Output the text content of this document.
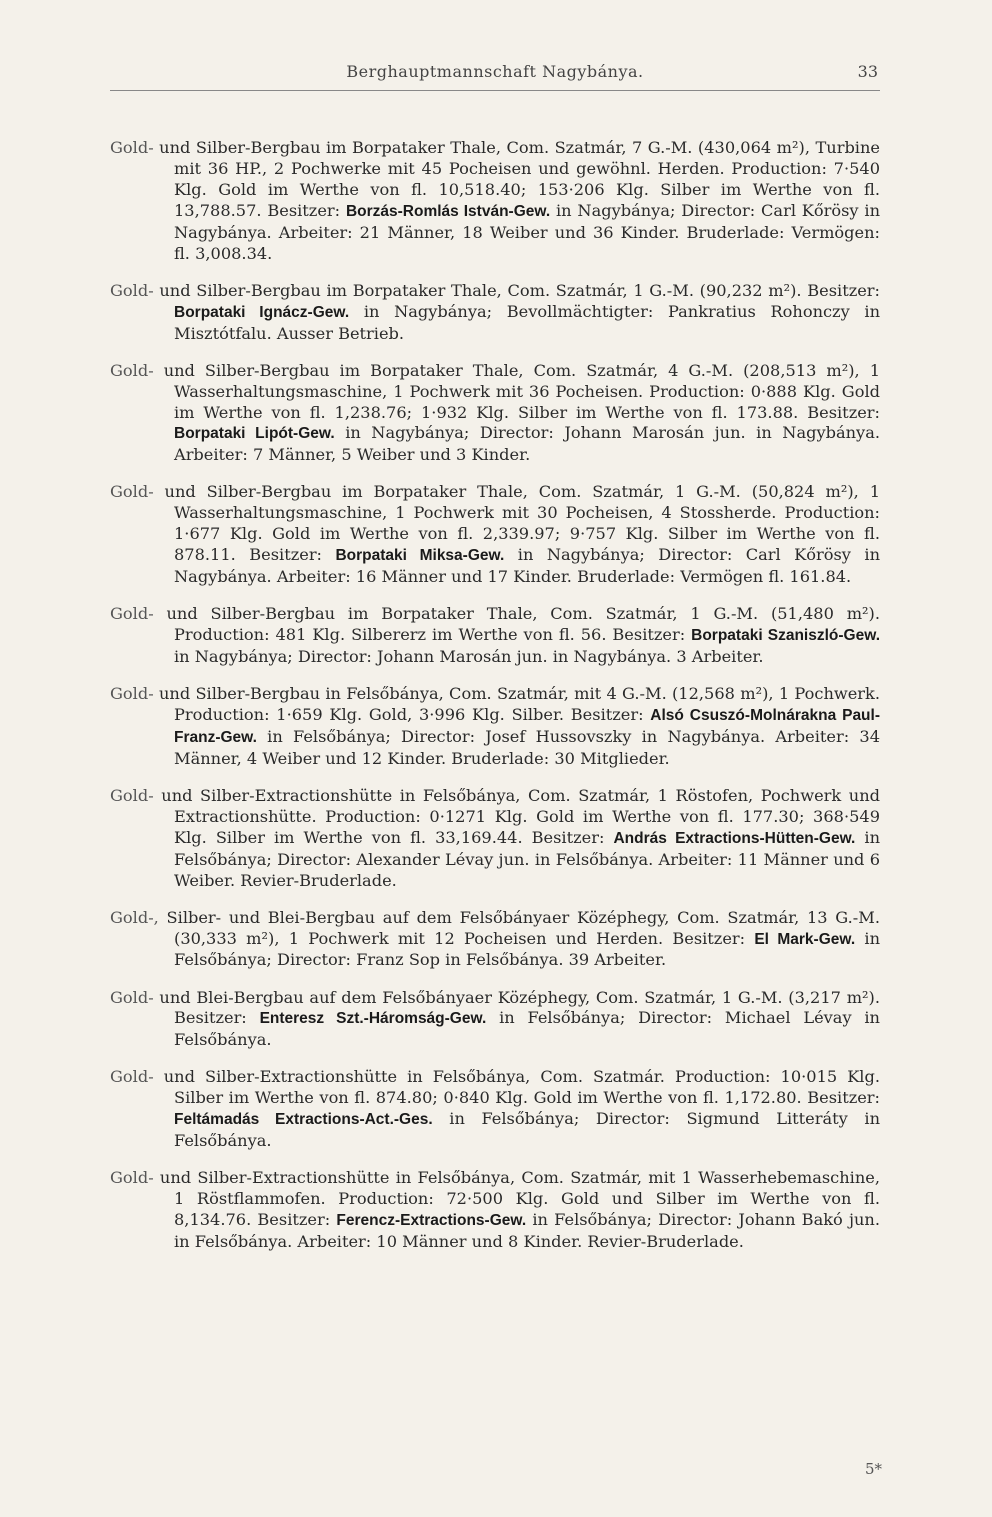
Berghauptmannschaft Nagybánya.	33

Gold- und Silber-Bergbau im Borpataker Thale, Com. Szatmár, 7 G.-M. (430,064 m²), Turbine mit 36 HP., 2 Pochwerke mit 45 Pocheisen und gewöhnl. Herden. Production: 7·540 Klg. Gold im Werthe von fl. 10,518.40; 153·206 Klg. Silber im Werthe von fl. 13,788.57. Besitzer: Borzás-Romlás István-Gew. in Nagybánya; Director: Carl Kőrösy in Nagybánya. Arbeiter: 21 Männer, 18 Weiber und 36 Kinder. Bruderlade: Vermögen: fl. 3,008.34.

Gold- und Silber-Bergbau im Borpataker Thale, Com. Szatmár, 1 G.-M. (90,232 m²). Besitzer: Borpataki Ignácz-Gew. in Nagybánya; Bevollmächtigter: Pankratius Rohonczy in Misztótfalu. Ausser Betrieb.

Gold- und Silber-Bergbau im Borpataker Thale, Com. Szatmár, 4 G.-M. (208,513 m²), 1 Wasserhaltungsmaschine, 1 Pochwerk mit 36 Pocheisen. Production: 0·888 Klg. Gold im Werthe von fl. 1,238.76; 1·932 Klg. Silber im Werthe von fl. 173.88. Besitzer: Borpataki Lipót-Gew. in Nagybánya; Director: Johann Marosán jun. in Nagybánya. Arbeiter: 7 Männer, 5 Weiber und 3 Kinder.

Gold- und Silber-Bergbau im Borpataker Thale, Com. Szatmár, 1 G.-M. (50,824 m²), 1 Wasserhaltungsmaschine, 1 Pochwerk mit 30 Pocheisen, 4 Stossherde. Production: 1·677 Klg. Gold im Werthe von fl. 2,339.97; 9·757 Klg. Silber im Werthe von fl. 878.11. Besitzer: Borpataki Miksa-Gew. in Nagybánya; Director: Carl Kőrösy in Nagybánya. Arbeiter: 16 Männer und 17 Kinder. Bruderlade: Vermögen fl. 161.84.

Gold- und Silber-Bergbau im Borpataker Thale, Com. Szatmár, 1 G.-M. (51,480 m²). Production: 481 Klg. Silbererz im Werthe von fl. 56. Besitzer: Borpataki Szaniszló-Gew. in Nagybánya; Director: Johann Marosán jun. in Nagybánya. 3 Arbeiter.

Gold- und Silber-Bergbau in Felsőbánya, Com. Szatmár, mit 4 G.-M. (12,568 m²), 1 Pochwerk. Production: 1·659 Klg. Gold, 3·996 Klg. Silber. Besitzer: Alsó Csuszó-Molnárakna Paul-Franz-Gew. in Felsőbánya; Director: Josef Hussovszky in Nagybánya. Arbeiter: 34 Männer, 4 Weiber und 12 Kinder. Bruderlade: 30 Mitglieder.

Gold- und Silber-Extractionshütte in Felsőbánya, Com. Szatmár, 1 Röstofen, Pochwerk und Extractionshütte. Production: 0·1271 Klg. Gold im Werthe von fl. 177.30; 368·549 Klg. Silber im Werthe von fl. 33,169.44. Besitzer: András Extractions-Hütten-Gew. in Felsőbánya; Director: Alexander Lévay jun. in Felsőbánya. Arbeiter: 11 Männer und 6 Weiber. Revier-Bruderlade.

Gold-, Silber- und Blei-Bergbau auf dem Felsőbányaer Középhegy, Com. Szatmár, 13 G.-M. (30,333 m²), 1 Pochwerk mit 12 Pocheisen und Herden. Besitzer: El Mark-Gew. in Felsőbánya; Director: Franz Sop in Felsőbánya. 39 Arbeiter.

Gold- und Blei-Bergbau auf dem Felsőbányaer Középhegy, Com. Szatmár, 1 G.-M. (3,217 m²). Besitzer: Enteresz Szt.-Háromság-Gew. in Felsőbánya; Director: Michael Lévay in Felsőbánya.

Gold- und Silber-Extractionshütte in Felsőbánya, Com. Szatmár. Production: 10·015 Klg. Silber im Werthe von fl. 874.80; 0·840 Klg. Gold im Werthe von fl. 1,172.80. Besitzer: Feltámadás Extractions-Act.-Ges. in Felsőbánya; Director: Sigmund Litteráty in Felsőbánya.

Gold- und Silber-Extractionshütte in Felsőbánya, Com. Szatmár, mit 1 Wasserhebemaschine, 1 Röstflammofen. Production: 72·500 Klg. Gold und Silber im Werthe von fl. 8,134.76. Besitzer: Ferencz-Extractions-Gew. in Felsőbánya; Director: Johann Bakó jun. in Felsőbánya. Arbeiter: 10 Männer und 8 Kinder. Revier-Bruderlade.

5*
